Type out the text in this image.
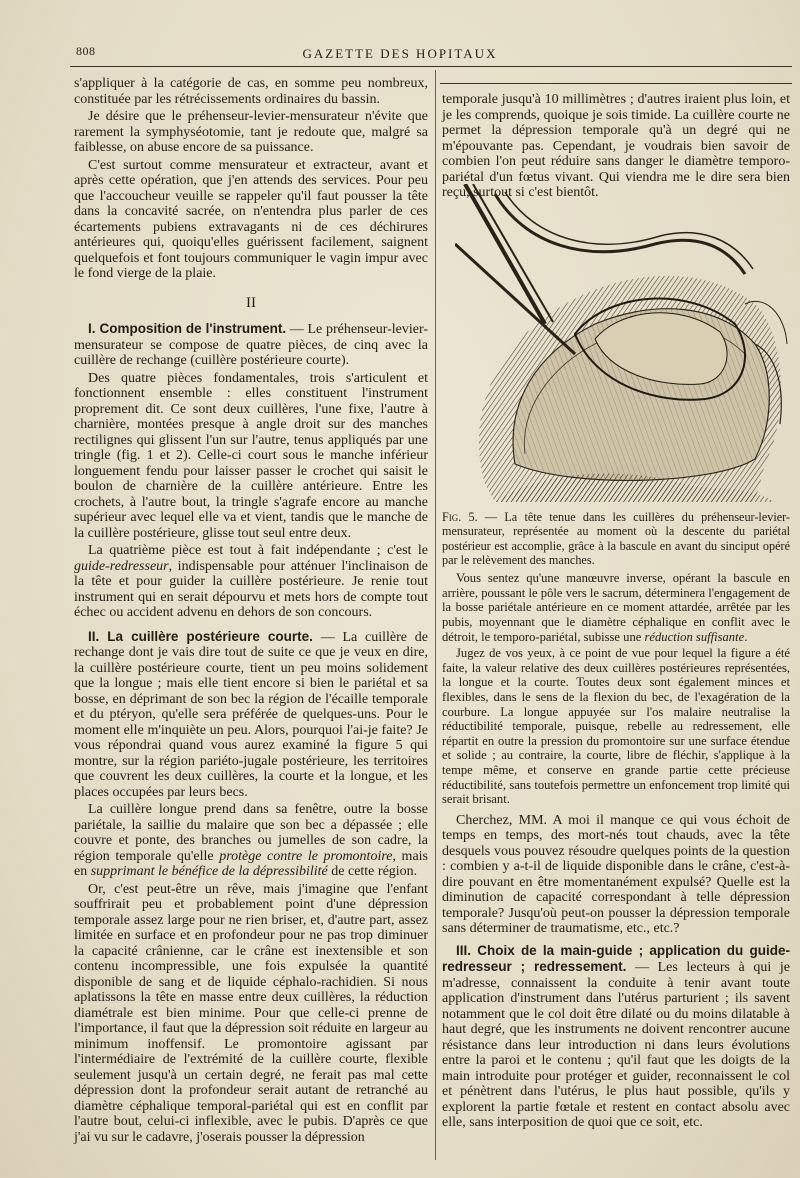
808	GAZETTE DES HOPITAUX

s'appliquer à la catégorie de cas, en somme peu nombreux, constituée par les rétrécissements ordinaires du bassin.

Je désire que le préhenseur-levier-mensurateur n'évite que rarement la symphyséotomie, tant je redoute que, malgré sa faiblesse, on abuse encore de sa puissance.

C'est surtout comme mensurateur et extracteur, avant et après cette opération, que j'en attends des services. Pour peu que l'accoucheur veuille se rappeler qu'il faut pousser la tête dans la concavité sacrée, on n'entendra plus parler de ces écartements pubiens extravagants ni de ces déchirures antérieures qui, quoiqu'elles guérissent facilement, saignent quelquefois et font toujours communiquer le vagin impur avec le fond vierge de la plaie.

II

I. Composition de l'instrument. — Le préhenseur-levier-mensurateur se compose de quatre pièces, de cinq avec la cuillère de rechange (cuillère postérieure courte).

Des quatre pièces fondamentales, trois s'articulent et fonctionnent ensemble : elles constituent l'instrument proprement dit. Ce sont deux cuillères, l'une fixe, l'autre à charnière, montées presque à angle droit sur des manches rectilignes qui glissent l'un sur l'autre, tenus appliqués par une tringle (fig. 1 et 2). Celle-ci court sous le manche inférieur longuement fendu pour laisser passer le crochet qui saisit le boulon de charnière de la cuillère antérieure. Entre les crochets, à l'autre bout, la tringle s'agrafe encore au manche supérieur avec lequel elle va et vient, tandis que le manche de la cuillère postérieure, glisse tout seul entre deux.

La quatrième pièce est tout à fait indépendante ; c'est le guide-redresseur, indispensable pour atténuer l'inclinaison de la tête et pour guider la cuillère postérieure. Je renie tout instrument qui en serait dépourvu et mets hors de compte tout échec ou accident advenu en dehors de son concours.

II. La cuillère postérieure courte. — La cuillère de rechange dont je vais dire tout de suite ce que je veux en dire, la cuillère postérieure courte, tient un peu moins solidement que la longue ; mais elle tient encore si bien le pariétal et sa bosse, en déprimant de son bec la région de l'écaille temporale et du ptéryon, qu'elle sera préférée de quelques-uns. Pour le moment elle m'inquiète un peu. Alors, pourquoi l'ai-je faite? Je vous répondrai quand vous aurez examiné la figure 5 qui montre, sur la région pariéto-jugale postérieure, les territoires que couvrent les deux cuillères, la courte et la longue, et les places occupées par leurs becs.

La cuillère longue prend dans sa fenêtre, outre la bosse pariétale, la saillie du malaire que son bec a dépassée ; elle couvre et ponte, des branches ou jumelles de son cadre, la région temporale qu'elle protège contre le promontoire, mais en supprimant le bénéfice de la dépressibilité de cette région.

Or, c'est peut-être un rêve, mais j'imagine que l'enfant souffrirait peu et probablement point d'une dépression temporale assez large pour ne rien briser, et, d'autre part, assez limitée en surface et en profondeur pour ne pas trop diminuer la capacité crânienne, car le crâne est inextensible et son contenu incompressible, une fois expulsée la quantité disponible de sang et de liquide céphalo-rachidien. Si nous aplatissons la tête en masse entre deux cuillères, la réduction diamétrale est bien minime. Pour que celle-ci prenne de l'importance, il faut que la dépression soit réduite en largeur au minimum inoffensif. Le promontoire agissant par l'intermédiaire de l'extrémité de la cuillère courte, flexible seulement jusqu'à un certain degré, ne ferait pas mal cette dépression dont la profondeur serait autant de retranché au diamètre céphalique temporal-pariétal qui est en conflit par l'autre bout, celui-ci inflexible, avec le pubis. D'après ce que j'ai vu sur le cadavre, j'oserais pousser la dépression

temporale jusqu'à 10 millimètres ; d'autres iraient plus loin, et je les comprends, quoique je sois timide. La cuillère courte ne permet la dépression temporale qu'à un degré qui ne m'épouvante pas. Cependant, je voudrais bien savoir de combien l'on peut réduire sans danger le diamètre temporo-pariétal d'un fœtus vivant. Qui viendra me le dire sera bien reçu, surtout si c'est bientôt.

Fig. 5. — La tête tenue dans les cuillères du préhenseur-levier-mensurateur, représentée au moment où la descente du pariétal postérieur est accomplie, grâce à la bascule en avant du sinciput opéré par le relèvement des manches.

Vous sentez qu'une manœuvre inverse, opérant la bascule en arrière, poussant le pôle vers le sacrum, déterminera l'engagement de la bosse pariétale antérieure en ce moment attardée, arrêtée par les pubis, moyennant que le diamètre céphalique en conflit avec le détroit, le temporo-pariétal, subisse une réduction suffisante.

Jugez de vos yeux, à ce point de vue pour lequel la figure a été faite, la valeur relative des deux cuillères postérieures représentées, la longue et la courte. Toutes deux sont également minces et flexibles, dans le sens de la flexion du bec, de l'exagération de la courbure. La longue appuyée sur l'os malaire neutralise la réductibilité temporale, puisque, rebelle au redressement, elle répartit en outre la pression du promontoire sur une surface étendue et solide ; au contraire, la courte, libre de fléchir, s'applique à la tempe même, et conserve en grande partie cette précieuse réductibilité, sans toutefois permettre un enfoncement trop limité qui serait brisant.

Cherchez, MM. A moi il manque ce qui vous échoit de temps en temps, des mort-nés tout chauds, avec la tête desquels vous pouvez résoudre quelques points de la question : combien y a-t-il de liquide disponible dans le crâne, c'est-à-dire pouvant en être momentanément expulsé? Quelle est la diminution de capacité correspondant à telle dépression temporale? Jusqu'où peut-on pousser la dépression temporale sans déterminer de traumatisme, etc., etc.?

III. Choix de la main-guide ; application du guide-redresseur ; redressement. — Les lecteurs à qui je m'adresse, connaissent la conduite à tenir avant toute application d'instrument dans l'utérus parturient ; ils savent notamment que le col doit être dilaté ou du moins dilatable à haut degré, que les instruments ne doivent rencontrer aucune résistance dans leur introduction ni dans leurs évolutions entre la paroi et le contenu ; qu'il faut que les doigts de la main introduite pour protéger et guider, reconnaissent le col et pénètrent dans l'utérus, le plus haut possible, qu'ils y explorent la partie fœtale et restent en contact absolu avec elle, sans interposition de quoi que ce soit, etc.
